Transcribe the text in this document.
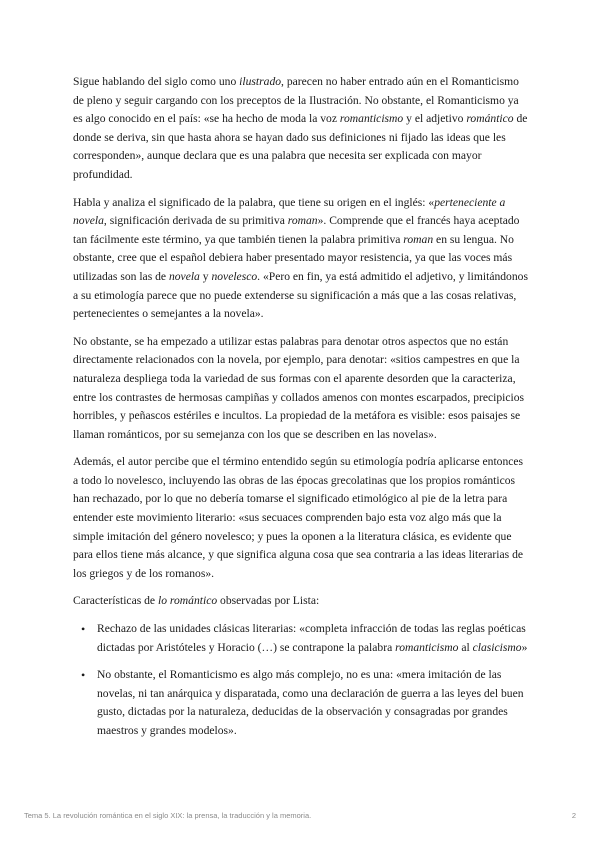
Sigue hablando del siglo como uno ilustrado, parecen no haber entrado aún en el Romanticismo de pleno y seguir cargando con los preceptos de la Ilustración. No obstante, el Romanticismo ya es algo conocido en el país: «se ha hecho de moda la voz romanticismo y el adjetivo romántico de donde se deriva, sin que hasta ahora se hayan dado sus definiciones ni fijado las ideas que les corresponden», aunque declara que es una palabra que necesita ser explicada con mayor profundidad.

Habla y analiza el significado de la palabra, que tiene su origen en el inglés: «perteneciente a novela, significación derivada de su primitiva roman». Comprende que el francés haya aceptado tan fácilmente este término, ya que también tienen la palabra primitiva roman en su lengua. No obstante, cree que el español debiera haber presentado mayor resistencia, ya que las voces más utilizadas son las de novela y novelesco. «Pero en fin, ya está admitido el adjetivo, y limitándonos a su etimología parece que no puede extenderse su significación a más que a las cosas relativas, pertenecientes o semejantes a la novela».

No obstante, se ha empezado a utilizar estas palabras para denotar otros aspectos que no están directamente relacionados con la novela, por ejemplo, para denotar: «sitios campestres en que la naturaleza despliega toda la variedad de sus formas con el aparente desorden que la caracteriza, entre los contrastes de hermosas campiñas y collados amenos con montes escarpados, precipicios horribles, y peñascos estériles e incultos. La propiedad de la metáfora es visible: esos paisajes se llaman románticos, por su semejanza con los que se describen en las novelas».

Además, el autor percibe que el término entendido según su etimología podría aplicarse entonces a todo lo novelesco, incluyendo las obras de las épocas grecolatinas que los propios románticos han rechazado, por lo que no debería tomarse el significado etimológico al pie de la letra para entender este movimiento literario: «sus secuaces comprenden bajo esta voz algo más que la simple imitación del género novelesco; y pues la oponen a la literatura clásica, es evidente que para ellos tiene más alcance, y que significa alguna cosa que sea contraria a las ideas literarias de los griegos y de los romanos».

Características de lo romántico observadas por Lista:

• Rechazo de las unidades clásicas literarias: «completa infracción de todas las reglas poéticas dictadas por Aristóteles y Horacio (…) se contrapone la palabra romanticismo al clasicismo»
• No obstante, el Romanticismo es algo más complejo, no es una: «mera imitación de las novelas, ni tan anárquica y disparatada, como una declaración de guerra a las leyes del buen gusto, dictadas por la naturaleza, deducidas de la observación y consagradas por grandes maestros y grandes modelos».
Tema 5. La revolución romántica en el siglo XIX: la prensa, la traducción y la memoria.	2
